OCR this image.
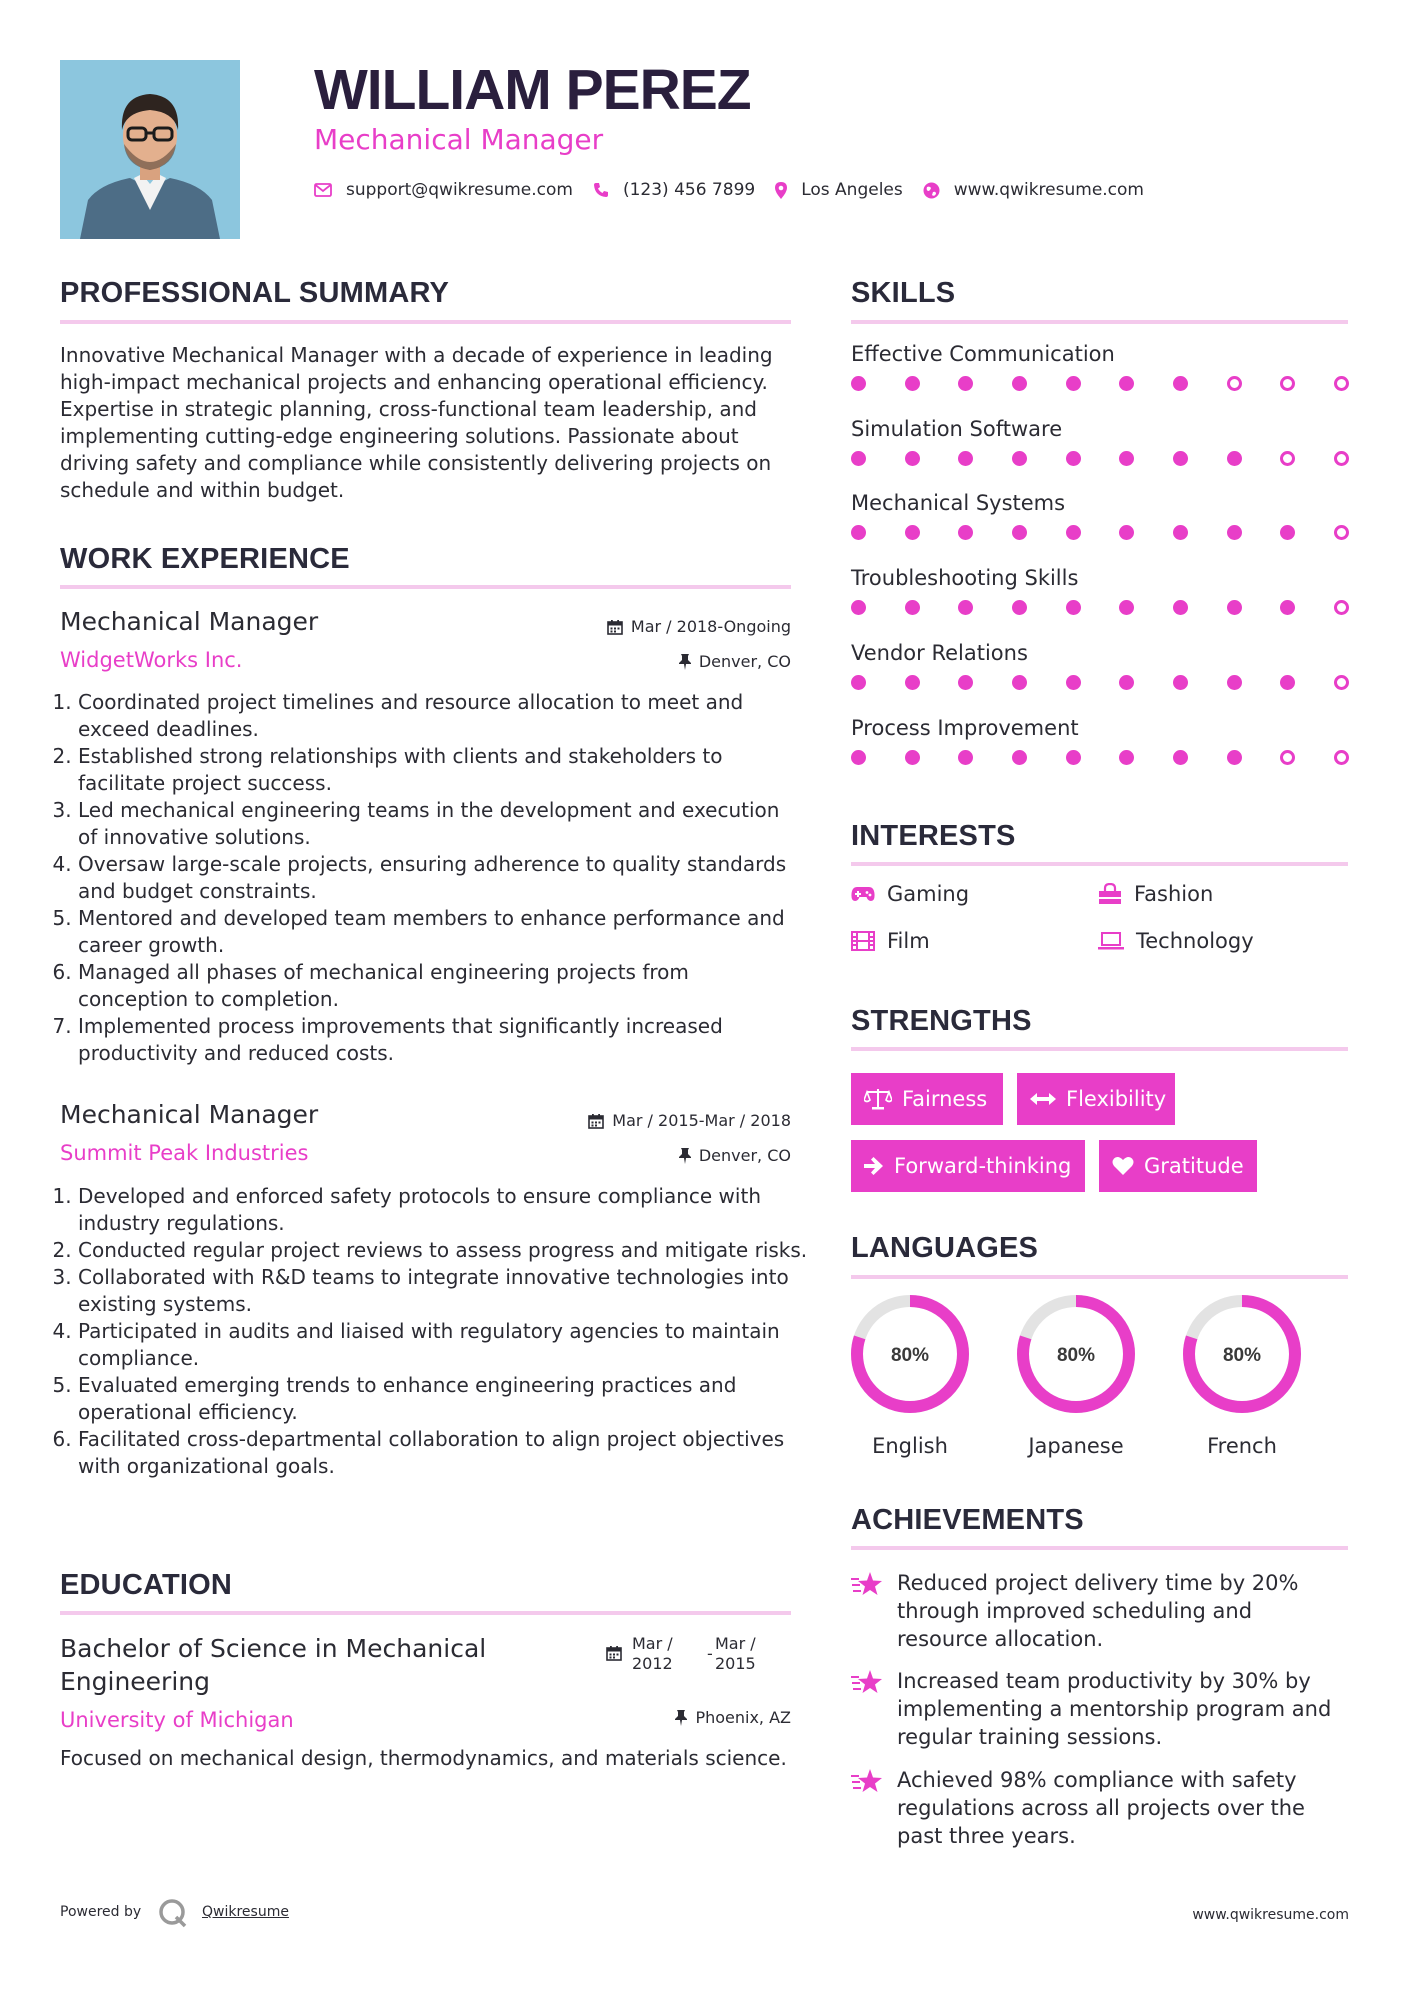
WILLIAM PEREZ
Mechanical Manager
support@qwikresume.com	(123) 456 7899	Los Angeles	www.qwikresume.com
PROFESSIONAL SUMMARY
Innovative Mechanical Manager with a decade of experience in leading high-impact mechanical projects and enhancing operational efficiency. Expertise in strategic planning, cross-functional team leadership, and implementing cutting-edge engineering solutions. Passionate about driving safety and compliance while consistently delivering projects on schedule and within budget.
WORK EXPERIENCE
Mechanical Manager	Mar / 2018-Ongoing
WidgetWorks Inc.	Denver, CO
1. Coordinated project timelines and resource allocation to meet and exceed deadlines.
2. Established strong relationships with clients and stakeholders to facilitate project success.
3. Led mechanical engineering teams in the development and execution of innovative solutions.
4. Oversaw large-scale projects, ensuring adherence to quality standards and budget constraints.
5. Mentored and developed team members to enhance performance and career growth.
6. Managed all phases of mechanical engineering projects from conception to completion.
7. Implemented process improvements that significantly increased productivity and reduced costs.
Mechanical Manager	Mar / 2015-Mar / 2018
Summit Peak Industries	Denver, CO
1. Developed and enforced safety protocols to ensure compliance with industry regulations.
2. Conducted regular project reviews to assess progress and mitigate risks.
3. Collaborated with R&D teams to integrate innovative technologies into existing systems.
4. Participated in audits and liaised with regulatory agencies to maintain compliance.
5. Evaluated emerging trends to enhance engineering practices and operational efficiency.
6. Facilitated cross-departmental collaboration to align project objectives with organizational goals.
EDUCATION
Bachelor of Science in Mechanical Engineering
Mar /
2012
-
Mar /
2015
University of Michigan	Phoenix, AZ
Focused on mechanical design, thermodynamics, and materials science.
SKILLS
Effective Communication
Simulation Software
Mechanical Systems
Troubleshooting Skills
Vendor Relations
Process Improvement
INTERESTS
Gaming	Fashion
Film	Technology
STRENGTHS
Fairness	Flexibility
Forward-thinking	Gratitude
LANGUAGES
80%
English
80%
Japanese
80%
French
ACHIEVEMENTS
Reduced project delivery time by 20% through improved scheduling and resource allocation.
Increased team productivity by 30% by implementing a mentorship program and regular training sessions.
Achieved 98% compliance with safety regulations across all projects over the past three years.
Powered by	Qwikresume	www.qwikresume.com
